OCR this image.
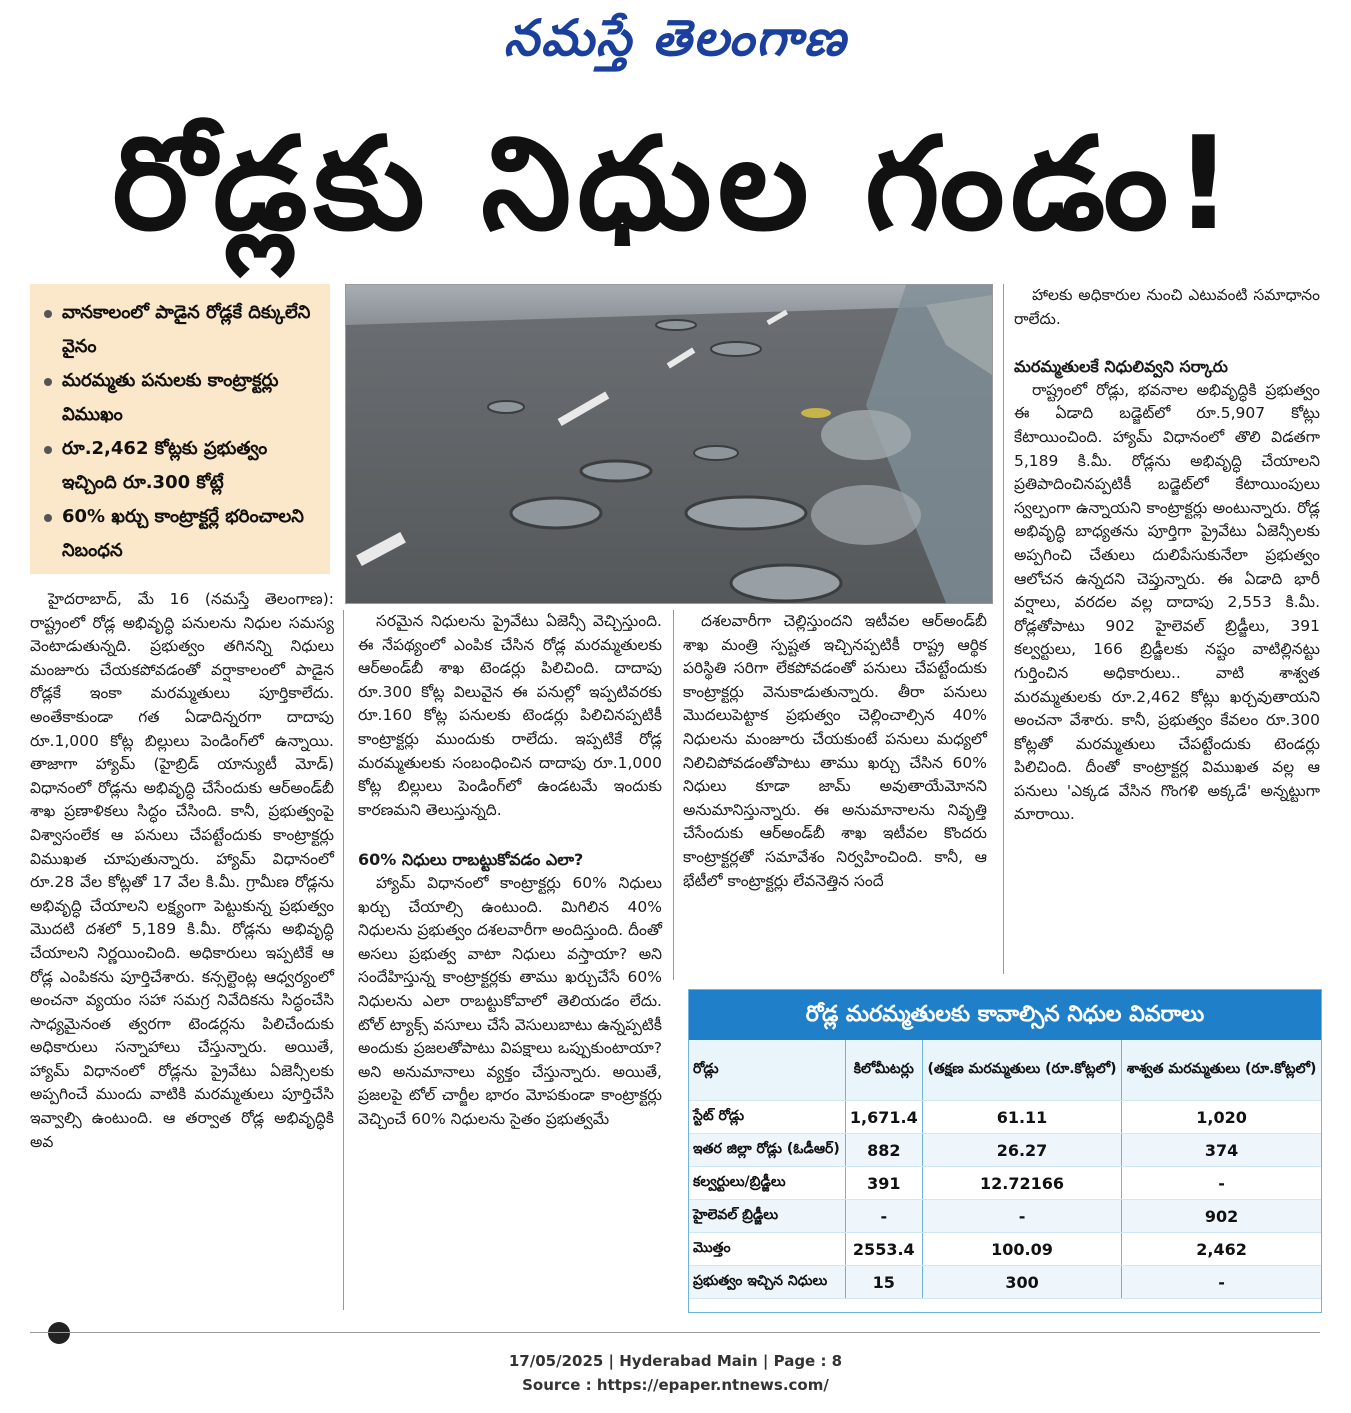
నమస్తే తెలంగాణ
రోడ్లకు నిధుల గండం!
వానకాలంలో పాడైన రోడ్లకే దిక్కులేని వైనం
మరమ్మతు పనులకు కాంట్రాక్టర్లు విముఖం
రూ.2,462 కోట్లకు ప్రభుత్వం ఇచ్చింది రూ.300 కోట్లే
60% ఖర్చు కాంట్రాక్టర్లే భరించాలని నిబంధన

హైదరాబాద్, మే 16 (నమస్తే తెలంగాణ): రాష్ట్రంలో రోడ్ల అభివృద్ధి పనులను నిధుల సమస్య వెంటాడుతున్నది. ప్రభుత్వం తగినన్ని నిధులు మంజూరు చేయకపోవడంతో వర్షాకాలంలో పాడైన రోడ్లకే ఇంకా మరమ్మతులు పూర్తికాలేదు. అంతేకాకుండా గత ఏడాదిన్నరగా దాదాపు రూ.1,000 కోట్ల బిల్లులు పెండింగ్‌లో ఉన్నాయి. తాజాగా హ్యామ్ (హైబ్రిడ్ యాన్యుటీ మోడ్) విధానంలో రోడ్లను అభివృద్ధి చేసేందుకు ఆర్‌అండ్‌బీ శాఖ ప్రణాళికలు సిద్ధం చేసింది. కానీ, ప్రభుత్వంపై విశ్వాసంలేక ఆ పనులు చేపట్టేందుకు కాంట్రాక్టర్లు విముఖత చూపుతున్నారు. హ్యామ్ విధానంలో రూ.28 వేల కోట్లతో 17 వేల కి.మీ. గ్రామీణ రోడ్లను అభివృద్ధి చేయాలని లక్ష్యంగా పెట్టుకున్న ప్రభుత్వం మొదటి దశలో 5,189 కి.మీ. రోడ్లను అభివృద్ధి చేయాలని నిర్ణయించింది. అధికారులు ఇప్పటికే ఆ రోడ్ల ఎంపికను పూర్తిచేశారు. కన్సల్టెంట్ల ఆధ్వర్యంలో అంచనా వ్యయం సహా సమగ్ర నివేదికను సిద్ధంచేసి సాధ్యమైనంత త్వరగా టెండర్లను పిలిచేందుకు అధికారులు సన్నాహాలు చేస్తున్నారు. అయితే, హ్యామ్ విధానంలో రోడ్లను ప్రైవేటు ఏజెన్సీలకు అప్పగించే ముందు వాటికి మరమ్మతులు పూర్తిచేసి ఇవ్వాల్సి ఉంటుంది. ఆ తర్వాత రోడ్ల అభివృద్ధికి అవ

సరమైన నిధులను ప్రైవేటు ఏజెన్సీ వెచ్చిస్తుంది. ఈ నేపథ్యంలో ఎంపిక చేసిన రోడ్ల మరమ్మతులకు ఆర్‌అండ్‌బీ శాఖ టెండర్లు పిలిచింది. దాదాపు రూ.300 కోట్ల విలువైన ఈ పనుల్లో ఇప్పటివరకు రూ.160 కోట్ల పనులకు టెండర్లు పిలిచినప్పటికీ కాంట్రాక్టర్లు ముందుకు రాలేదు. ఇప్పటికే రోడ్ల మరమ్మతులకు సంబంధించిన దాదాపు రూ.1,000 కోట్ల బిల్లులు పెండింగ్‌లో ఉండటమే ఇందుకు కారణమని తెలుస్తున్నది.

60% నిధులు రాబట్టుకోవడం ఎలా?

హ్యామ్ విధానంలో కాంట్రాక్టర్లు 60% నిధులు ఖర్చు చేయాల్సి ఉంటుంది. మిగిలిన 40% నిధులను ప్రభుత్వం దశలవారీగా అందిస్తుంది. దీంతో అసలు ప్రభుత్వ వాటా నిధులు వస్తాయా? అని సందేహిస్తున్న కాంట్రాక్టర్లకు తాము ఖర్చుచేసే 60% నిధులను ఎలా రాబట్టుకోవాలో తెలియడం లేదు. టోల్ ట్యాక్స్ వసూలు చేసే వెసులుబాటు ఉన్నప్పటికీ అందుకు ప్రజలతోపాటు విపక్షాలు ఒప్పుకుంటాయా? అని అనుమానాలు వ్యక్తం చేస్తున్నారు. అయితే, ప్రజలపై టోల్ చార్జీల భారం మోపకుండా కాంట్రాక్టర్లు వెచ్చించే 60% నిధులను సైతం ప్రభుత్వమే

దశలవారీగా చెల్లిస్తుందని ఇటీవల ఆర్‌అండ్‌బీ శాఖ మంత్రి స్పష్టత ఇచ్చినప్పటికీ రాష్ట్ర ఆర్థిక పరిస్థితి సరిగా లేకపోవడంతో పనులు చేపట్టేందుకు కాంట్రాక్టర్లు వెనుకాడుతున్నారు. తీరా పనులు మొదలుపెట్టాక ప్రభుత్వం చెల్లించాల్సిన 40% నిధులను మంజూరు చేయకుంటే పనులు మధ్యలో నిలిచిపోవడంతోపాటు తాము ఖర్చు చేసిన 60% నిధులు కూడా జామ్ అవుతాయేమోనని అనుమానిస్తున్నారు. ఈ అనుమానాలను నివృత్తి చేసేందుకు ఆర్‌అండ్‌బీ శాఖ ఇటీవల కొందరు కాంట్రాక్టర్లతో సమావేశం నిర్వహించింది. కానీ, ఆ భేటీలో కాంట్రాక్టర్లు లేవనెత్తిన సందే

హాలకు అధికారుల నుంచి ఎటువంటి సమాధానం రాలేదు.

మరమ్మతులకే నిధులివ్వని సర్కారు

రాష్ట్రంలో రోడ్లు, భవనాల అభివృద్ధికి ప్రభుత్వం ఈ ఏడాది బడ్జెట్‌లో రూ.5,907 కోట్లు కేటాయించింది. హ్యామ్ విధానంలో తొలి విడతగా 5,189 కి.మీ. రోడ్లను అభివృద్ధి చేయాలని ప్రతిపాదించినప్పటికీ బడ్జెట్‌లో కేటాయింపులు స్వల్పంగా ఉన్నాయని కాంట్రాక్టర్లు అంటున్నారు. రోడ్ల అభివృద్ధి బాధ్యతను పూర్తిగా ప్రైవేటు ఏజెన్సీలకు అప్పగించి చేతులు దులిపేసుకునేలా ప్రభుత్వం ఆలోచన ఉన్నదని చెప్తున్నారు. ఈ ఏడాది భారీ వర్షాలు, వరదల వల్ల దాదాపు 2,553 కి.మీ. రోడ్లతోపాటు 902 హైలెవల్ బ్రిడ్జీలు, 391 కల్వర్టులు, 166 బ్రిడ్జీలకు నష్టం వాటిల్లినట్టు గుర్తించిన అధికారులు.. వాటి శాశ్వత మరమ్మతులకు రూ.2,462 కోట్లు ఖర్చవుతాయని అంచనా వేశారు. కానీ, ప్రభుత్వం కేవలం రూ.300 కోట్లతో మరమ్మతులు చేపట్టేందుకు టెండర్లు పిలిచింది. దీంతో కాంట్రాక్టర్ల విముఖత వల్ల ఆ పనులు 'ఎక్కడ వేసిన గొంగళి అక్కడే' అన్నట్టుగా మారాయి.

రోడ్ల మరమ్మతులకు కావాల్సిన నిధుల వివరాలు
రోడ్లు	కిలోమీటర్లు	(తక్షణ మరమ్మతులు (రూ.కోట్లలో)	శాశ్వత మరమ్మతులు (రూ.కోట్లలో)
స్టేట్ రోడ్లు	1,671.4	61.11	1,020
ఇతర జిల్లా రోడ్లు (ఓడీఆర్)	882	26.27	374
కల్వర్టులు/బ్రిడ్జీలు	391	12.72166	-
హైలెవల్ బ్రిడ్జీలు	-	-	902
మొత్తం	2553.4	100.09	2,462
ప్రభుత్వం ఇచ్చిన నిధులు	15	300	-
17/05/2025 | Hyderabad Main | Page : 8
Source : https://epaper.ntnews.com/
